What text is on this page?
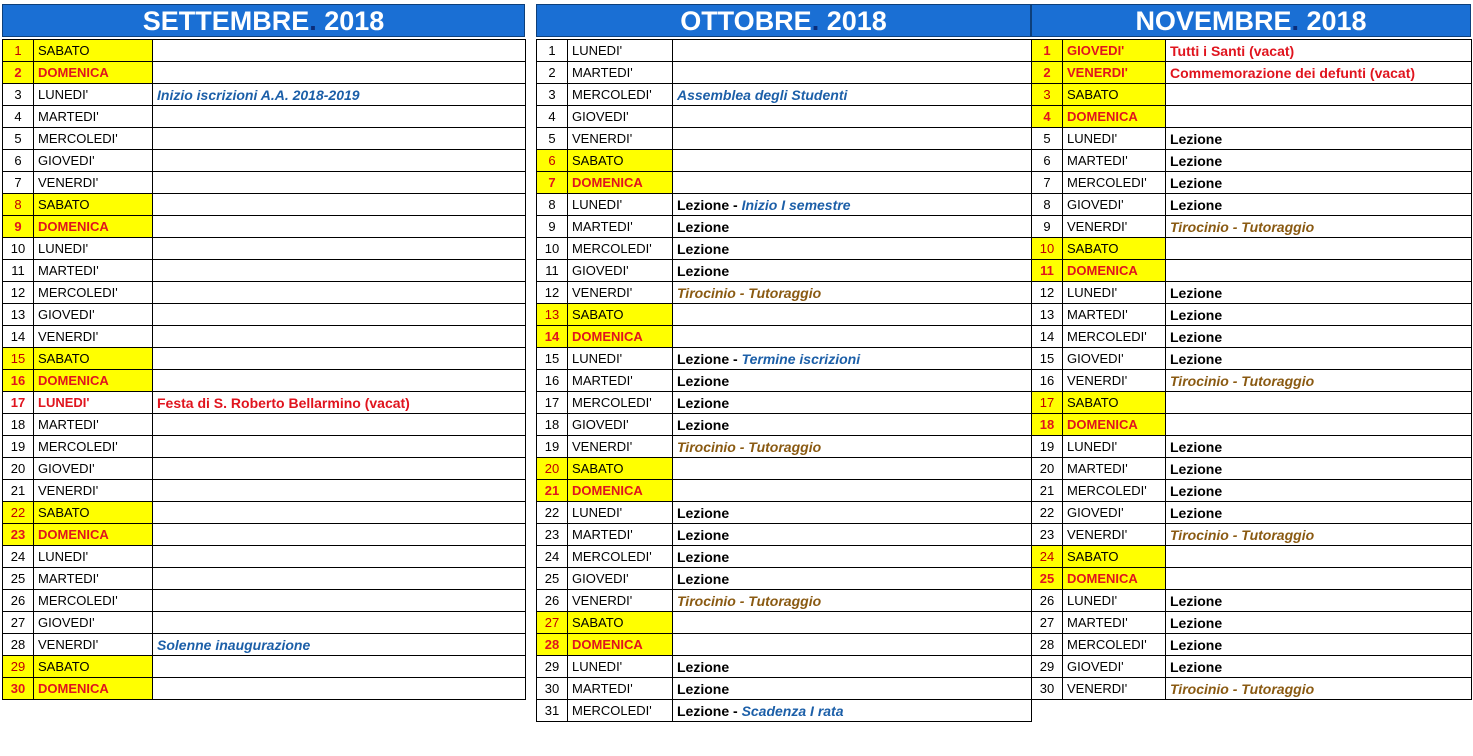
SETTEMBRE. 2018
1	SABATO	
2	DOMENICA	
3	LUNEDI'	Inizio iscrizioni A.A. 2018-2019
4	MARTEDI'	
5	MERCOLEDI'	
6	GIOVEDI'	
7	VENERDI'	
8	SABATO	
9	DOMENICA	
10	LUNEDI'	
11	MARTEDI'	
12	MERCOLEDI'	
13	GIOVEDI'	
14	VENERDI'	
15	SABATO	
16	DOMENICA	
17	LUNEDI'	Festa di S. Roberto Bellarmino (vacat)
18	MARTEDI'	
19	MERCOLEDI'	
20	GIOVEDI'	
21	VENERDI'	
22	SABATO	
23	DOMENICA	
24	LUNEDI'	
25	MARTEDI'	
26	MERCOLEDI'	
27	GIOVEDI'	
28	VENERDI'	Solenne inaugurazione
29	SABATO	
30	DOMENICA	
OTTOBRE. 2018
1	LUNEDI'	
2	MARTEDI'	
3	MERCOLEDI'	Assemblea degli Studenti
4	GIOVEDI'	
5	VENERDI'	
6	SABATO	
7	DOMENICA	
8	LUNEDI'	Lezione - Inizio I semestre
9	MARTEDI'	Lezione
10	MERCOLEDI'	Lezione
11	GIOVEDI'	Lezione
12	VENERDI'	Tirocinio - Tutoraggio
13	SABATO	
14	DOMENICA	
15	LUNEDI'	Lezione - Termine iscrizioni
16	MARTEDI'	Lezione
17	MERCOLEDI'	Lezione
18	GIOVEDI'	Lezione
19	VENERDI'	Tirocinio - Tutoraggio
20	SABATO	
21	DOMENICA	
22	LUNEDI'	Lezione
23	MARTEDI'	Lezione
24	MERCOLEDI'	Lezione
25	GIOVEDI'	Lezione
26	VENERDI'	Tirocinio - Tutoraggio
27	SABATO	
28	DOMENICA	
29	LUNEDI'	Lezione
30	MARTEDI'	Lezione
31	MERCOLEDI'	Lezione - Scadenza I rata
NOVEMBRE. 2018
1	GIOVEDI'	Tutti i Santi (vacat)
2	VENERDI'	Commemorazione dei defunti (vacat)
3	SABATO	
4	DOMENICA	
5	LUNEDI'	Lezione
6	MARTEDI'	Lezione
7	MERCOLEDI'	Lezione
8	GIOVEDI'	Lezione
9	VENERDI'	Tirocinio - Tutoraggio
10	SABATO	
11	DOMENICA	
12	LUNEDI'	Lezione
13	MARTEDI'	Lezione
14	MERCOLEDI'	Lezione
15	GIOVEDI'	Lezione
16	VENERDI'	Tirocinio - Tutoraggio
17	SABATO	
18	DOMENICA	
19	LUNEDI'	Lezione
20	MARTEDI'	Lezione
21	MERCOLEDI'	Lezione
22	GIOVEDI'	Lezione
23	VENERDI'	Tirocinio - Tutoraggio
24	SABATO	
25	DOMENICA	
26	LUNEDI'	Lezione
27	MARTEDI'	Lezione
28	MERCOLEDI'	Lezione
29	GIOVEDI'	Lezione
30	VENERDI'	Tirocinio - Tutoraggio
